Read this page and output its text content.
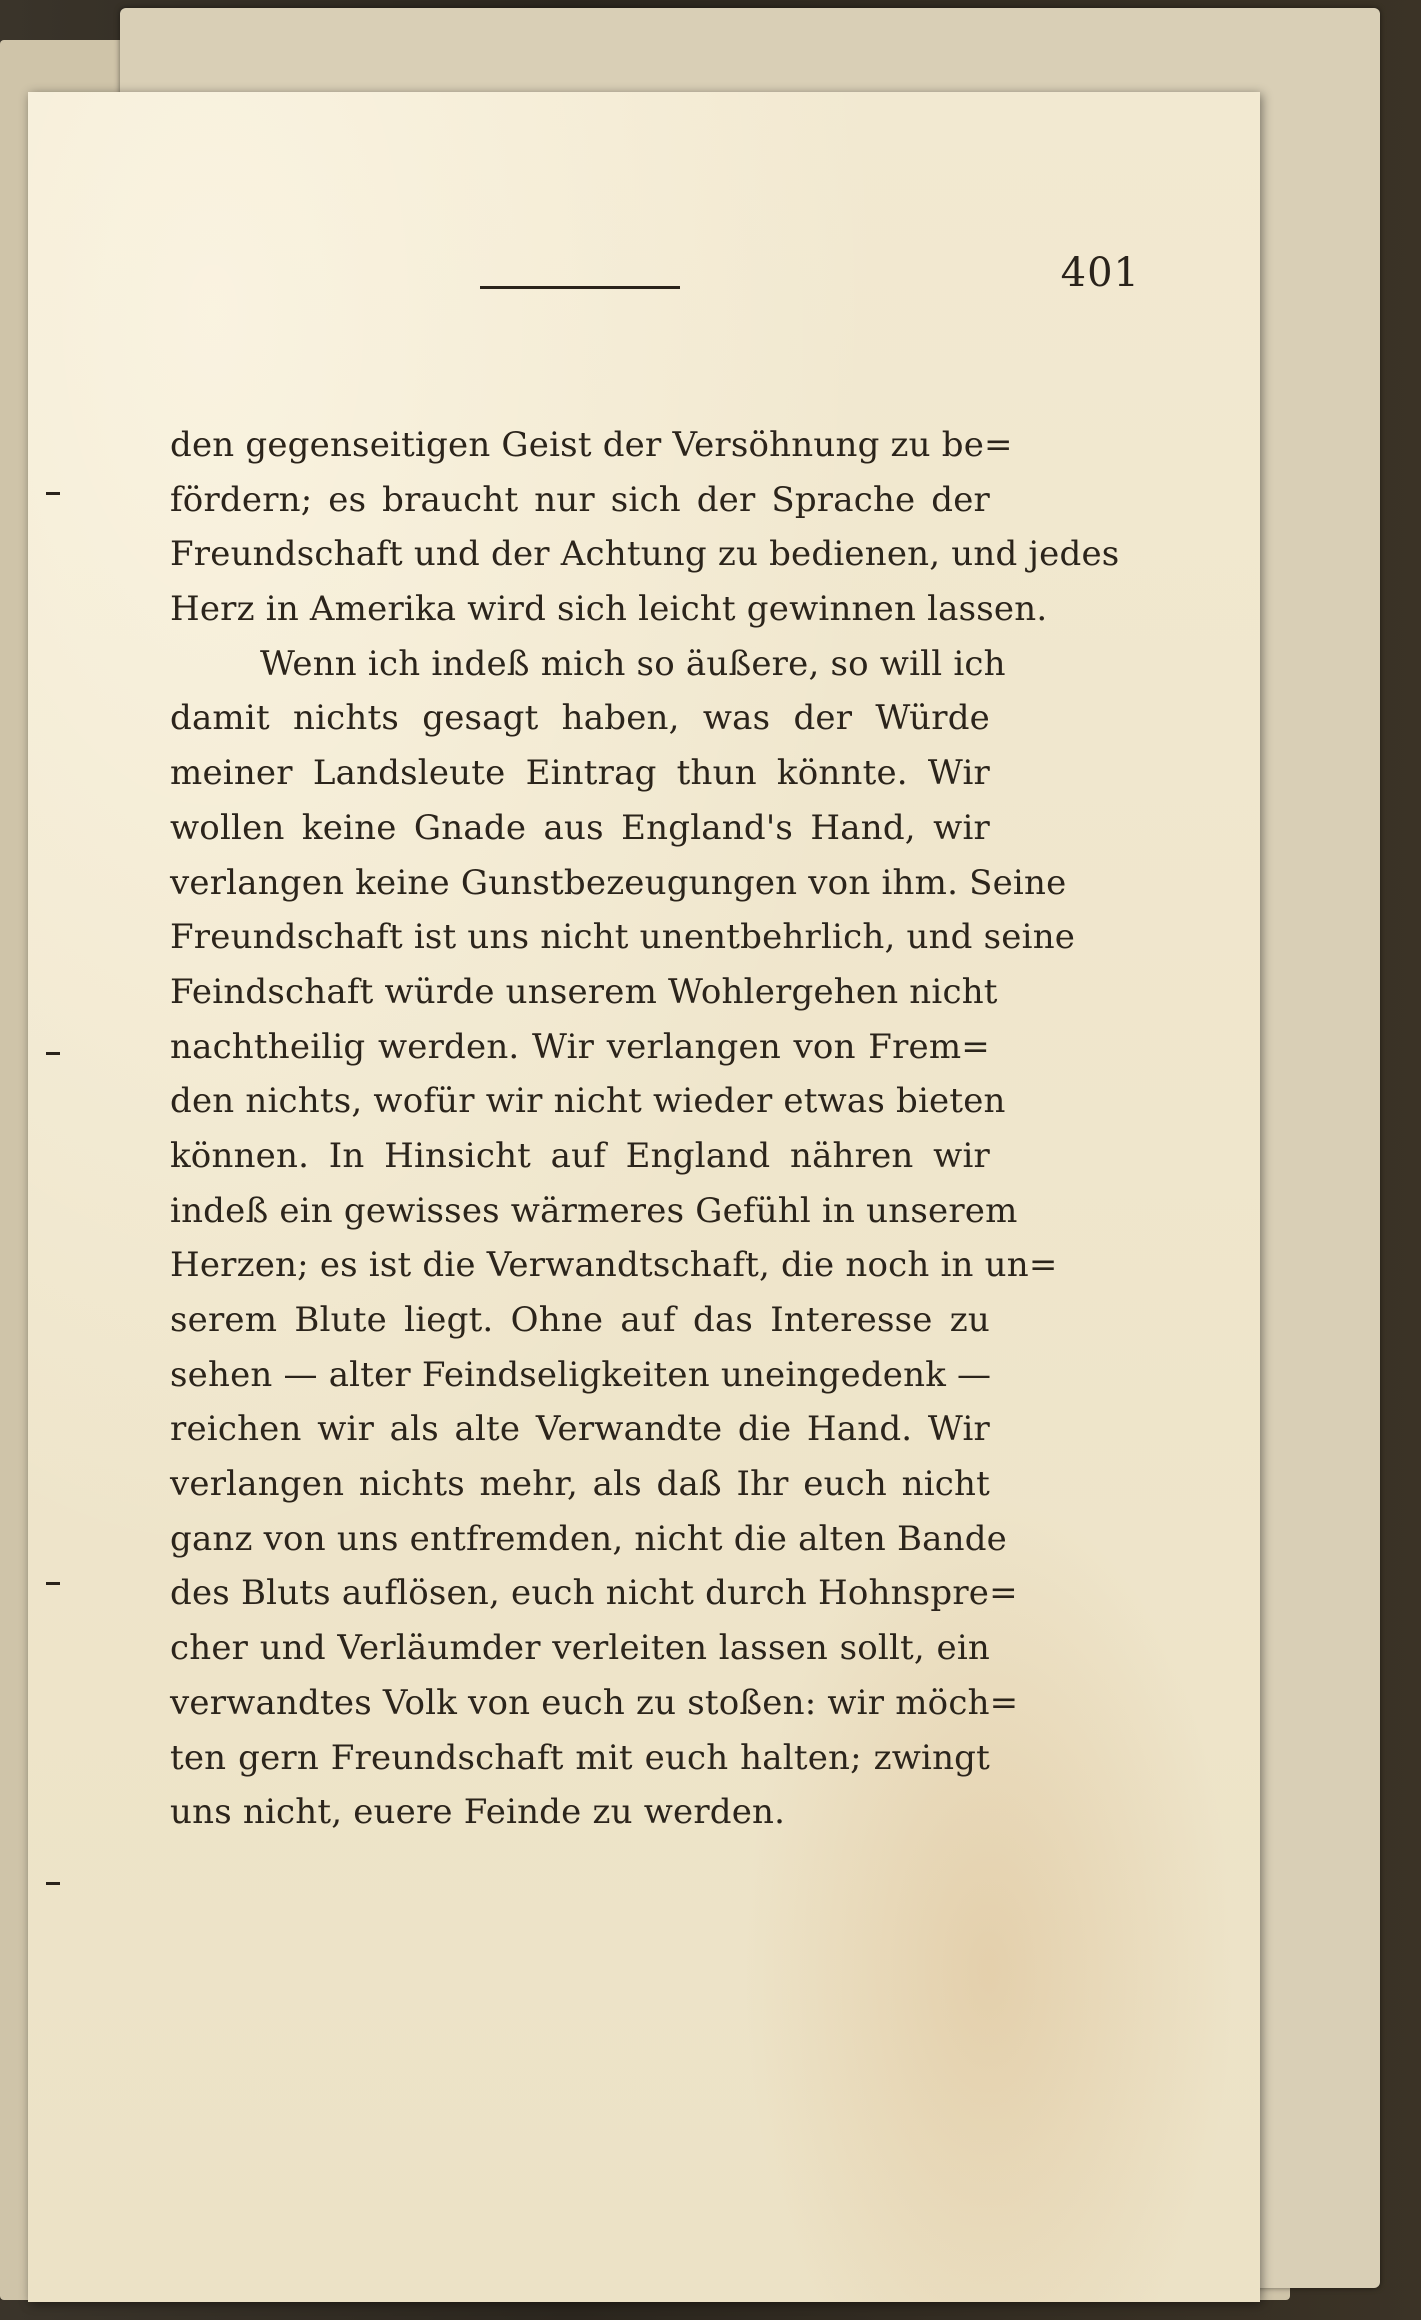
401
den gegenseitigen Geist der Versöhnung zu be=
fördern; es braucht nur sich der Sprache der
Freundschaft und der Achtung zu bedienen, und jedes
Herz in Amerika wird sich leicht gewinnen lassen.
Wenn ich indeß mich so äußere, so will ich
damit nichts gesagt haben, was der Würde
meiner Landsleute Eintrag thun könnte. Wir
wollen keine Gnade aus England's Hand, wir
verlangen keine Gunstbezeugungen von ihm. Seine
Freundschaft ist uns nicht unentbehrlich, und seine
Feindschaft würde unserem Wohlergehen nicht
nachtheilig werden. Wir verlangen von Frem=
den nichts, wofür wir nicht wieder etwas bieten
können. In Hinsicht auf England nähren wir
indeß ein gewisses wärmeres Gefühl in unserem
Herzen; es ist die Verwandtschaft, die noch in un=
serem Blute liegt. Ohne auf das Interesse zu
sehen — alter Feindseligkeiten uneingedenk —
reichen wir als alte Verwandte die Hand. Wir
verlangen nichts mehr, als daß Ihr euch nicht
ganz von uns entfremden, nicht die alten Bande
des Bluts auflösen, euch nicht durch Hohnspre=
cher und Verläumder verleiten lassen sollt, ein
verwandtes Volk von euch zu stoßen: wir möch=
ten gern Freundschaft mit euch halten; zwingt
uns nicht, euere Feinde zu werden.
